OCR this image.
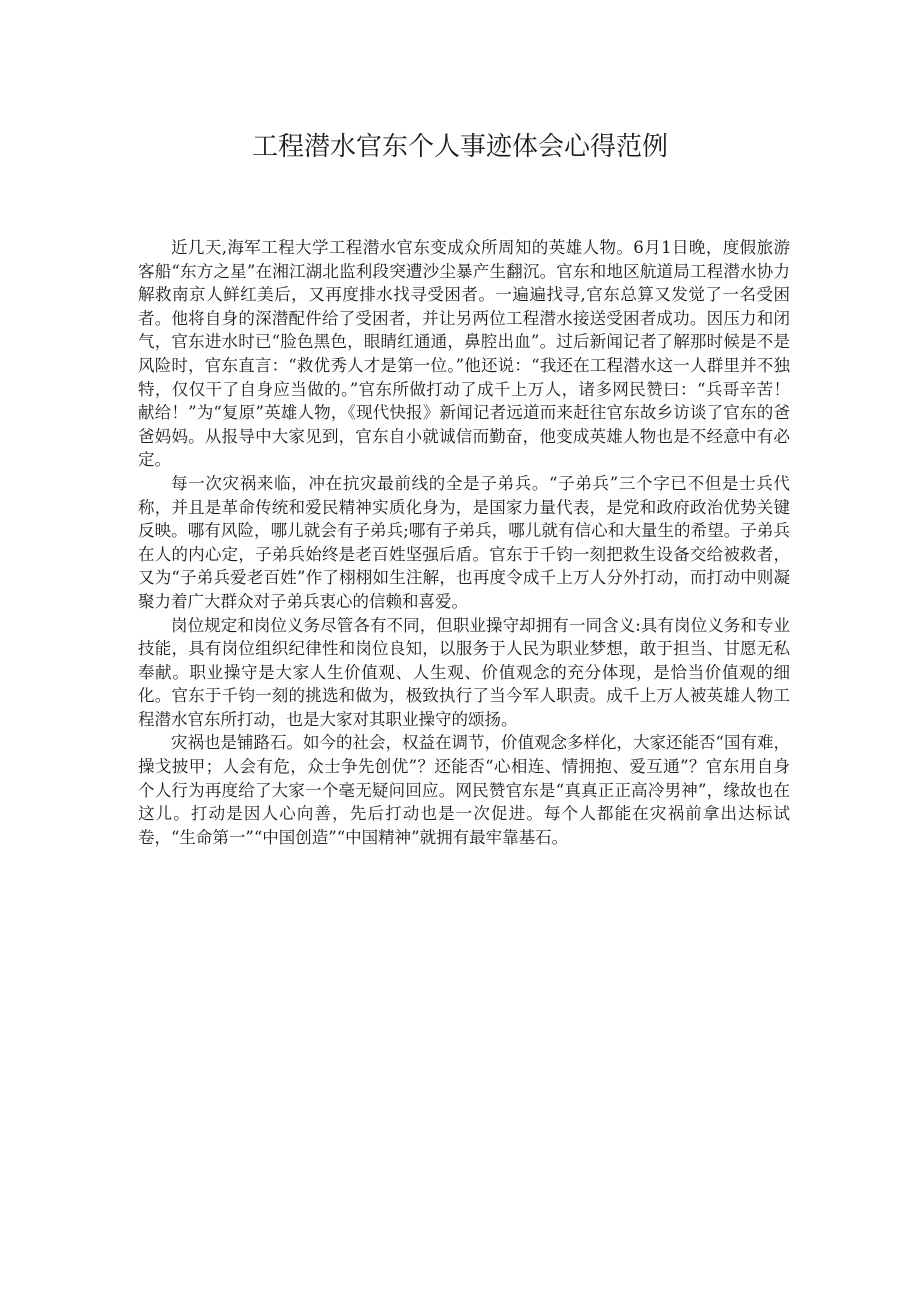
工程潜水官东个人事迹体会心得范例

近几天,海军工程大学工程潜水官东变成众所周知的英雄人物。6月1日晚，度假旅游客船“东方之星”在湘江湖北监利段突遭沙尘暴产生翻沉。官东和地区航道局工程潜水协力解救南京人鲜红美后，又再度排水找寻受困者。一遍遍找寻,官东总算又发觉了一名受困者。他将自身的深潜配件给了受困者，并让另两位工程潜水接送受困者成功。因压力和闭气，官东进水时已“脸色黑色，眼睛红通通，鼻腔出血”。过后新闻记者了解那时候是不是风险时，官东直言：“救优秀人才是第一位。”他还说：“我还在工程潜水这一人群里并不独特，仅仅干了自身应当做的。”官东所做打动了成千上万人，诸多网民赞曰：“兵哥辛苦！献给！”为“复原”英雄人物，《现代快报》新闻记者远道而来赶往官东故乡访谈了官东的爸爸妈妈。从报导中大家见到，官东自小就诚信而勤奋，他变成英雄人物也是不经意中有必定。

每一次灾祸来临，冲在抗灾最前线的全是子弟兵。“子弟兵”三个字已不但是士兵代称，并且是革命传统和爱民精神实质化身为，是国家力量代表，是党和政府政治优势关键反映。哪有风险，哪儿就会有子弟兵;哪有子弟兵，哪儿就有信心和大量生的希望。子弟兵在人的内心定，子弟兵始终是老百姓坚强后盾。官东于千钧一刻把救生设备交给被救者，又为“子弟兵爱老百姓”作了栩栩如生注解，也再度令成千上万人分外打动，而打动中则凝聚力着广大群众对子弟兵衷心的信赖和喜爱。

岗位规定和岗位义务尽管各有不同，但职业操守却拥有一同含义:具有岗位义务和专业技能，具有岗位组织纪律性和岗位良知，以服务于人民为职业梦想，敢于担当、甘愿无私奉献。职业操守是大家人生价值观、人生观、价值观念的充分体现，是恰当价值观的细化。官东于千钧一刻的挑选和做为，极致执行了当今军人职责。成千上万人被英雄人物工程潜水官东所打动，也是大家对其职业操守的颂扬。

灾祸也是铺路石。如今的社会，权益在调节，价值观念多样化，大家还能否“国有难，操戈披甲；人会有危，众士争先创优”？还能否“心相连、情拥抱、爱互通”？官东用自身个人行为再度给了大家一个毫无疑问回应。网民赞官东是“真真正正高冷男神”，缘故也在这儿。打动是因人心向善，先后打动也是一次促进。每个人都能在灾祸前拿出达标试卷，“生命第一”“中国创造”“中国精神”就拥有最牢靠基石。
